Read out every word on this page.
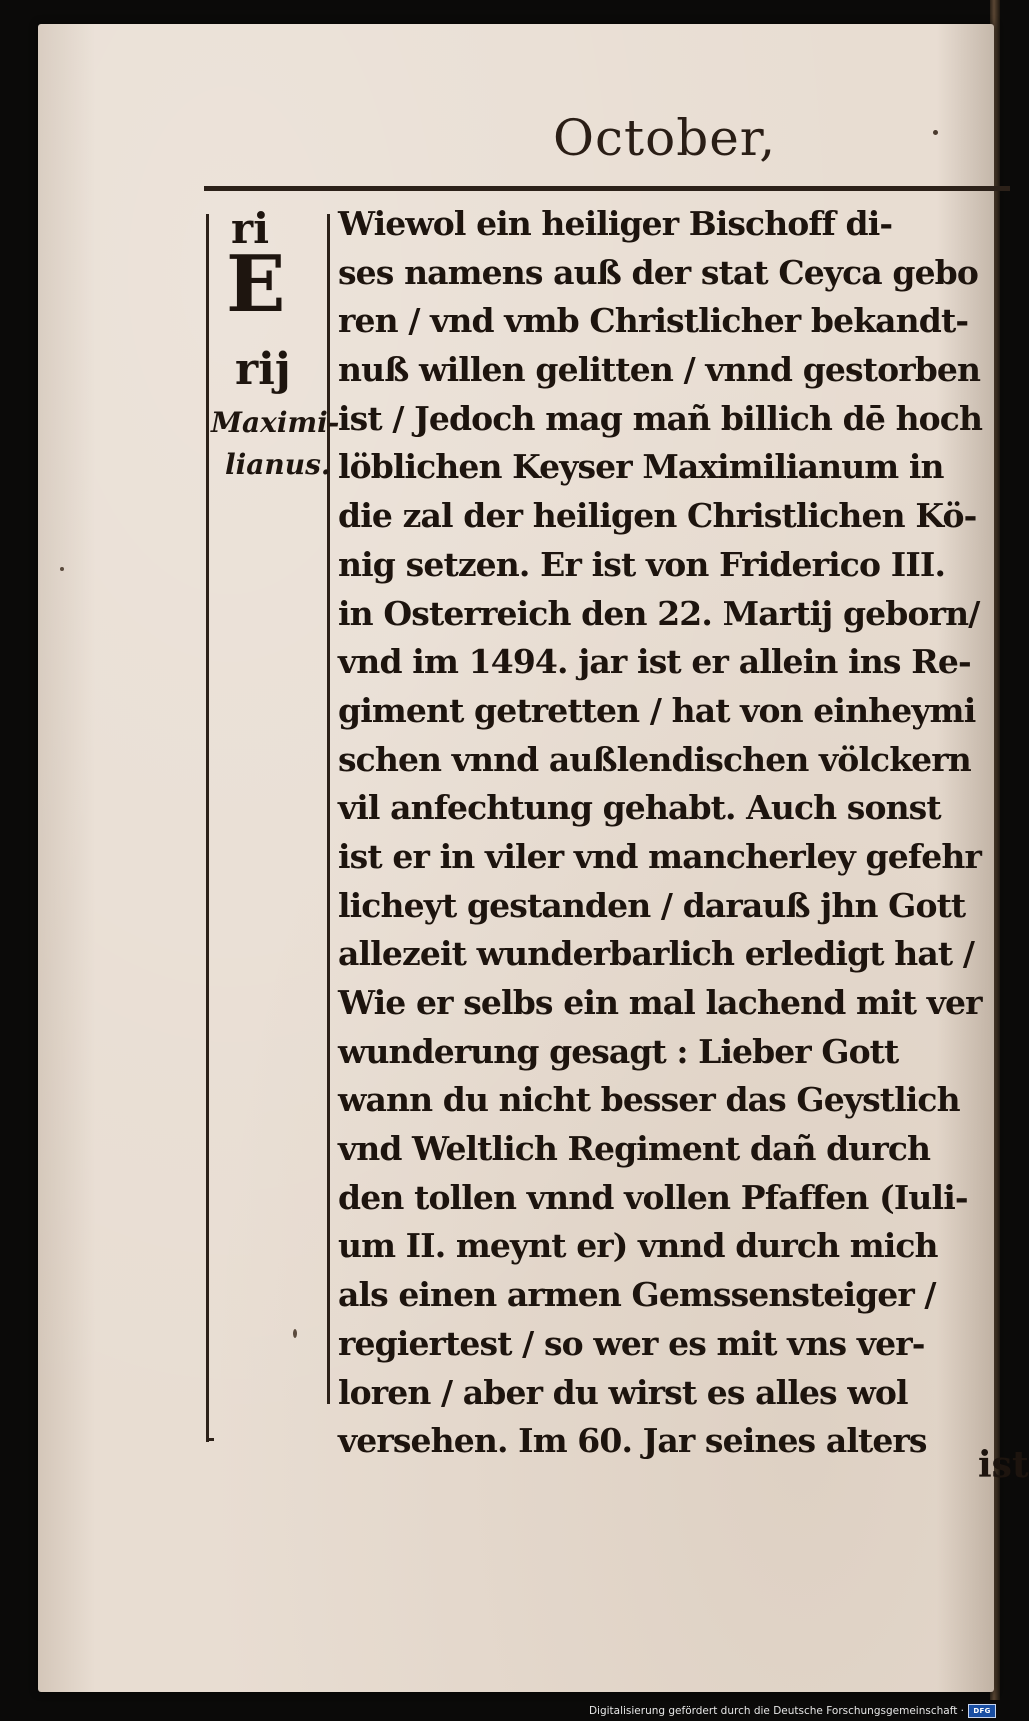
October,
ri
E
rij
Maximi-
lianus.
Wiewol ein heiliger Bischoff di-
ses namens auß der stat Ceyca gebo
ren / vnd vmb Christlicher bekandt-
nuß willen gelitten / vnnd gestorben
ist / Jedoch mag mañ billich dē hoch
löblichen Keyser Maximilianum in
die zal der heiligen Christlichen Kö-
nig setzen. Er ist von Friderico III.
in Osterreich den 22. Martij geborn/
vnd im 1494. jar ist er allein ins Re-
giment getretten / hat von einheymi
schen vnnd außlendischen völckern
vil anfechtung gehabt. Auch sonst
ist er in viler vnd mancherley gefehr
licheyt gestanden / darauß jhn Gott
allezeit wunderbarlich erledigt hat /
Wie er selbs ein mal lachend mit ver
wunderung gesagt : Lieber Gott
wann du nicht besser das Geystlich
vnd Weltlich Regiment dañ durch
den tollen vnnd vollen Pfaffen (Iuli-
um II. meynt er) vnnd durch mich
als einen armen Gemssensteiger /
regiertest / so wer es mit vns ver-
loren / aber du wirst es alles wol
versehen. Im 60. Jar seines alters
ist
Digitalisierung gefördert durch die Deutsche Forschungsgemeinschaft ·	DFG
